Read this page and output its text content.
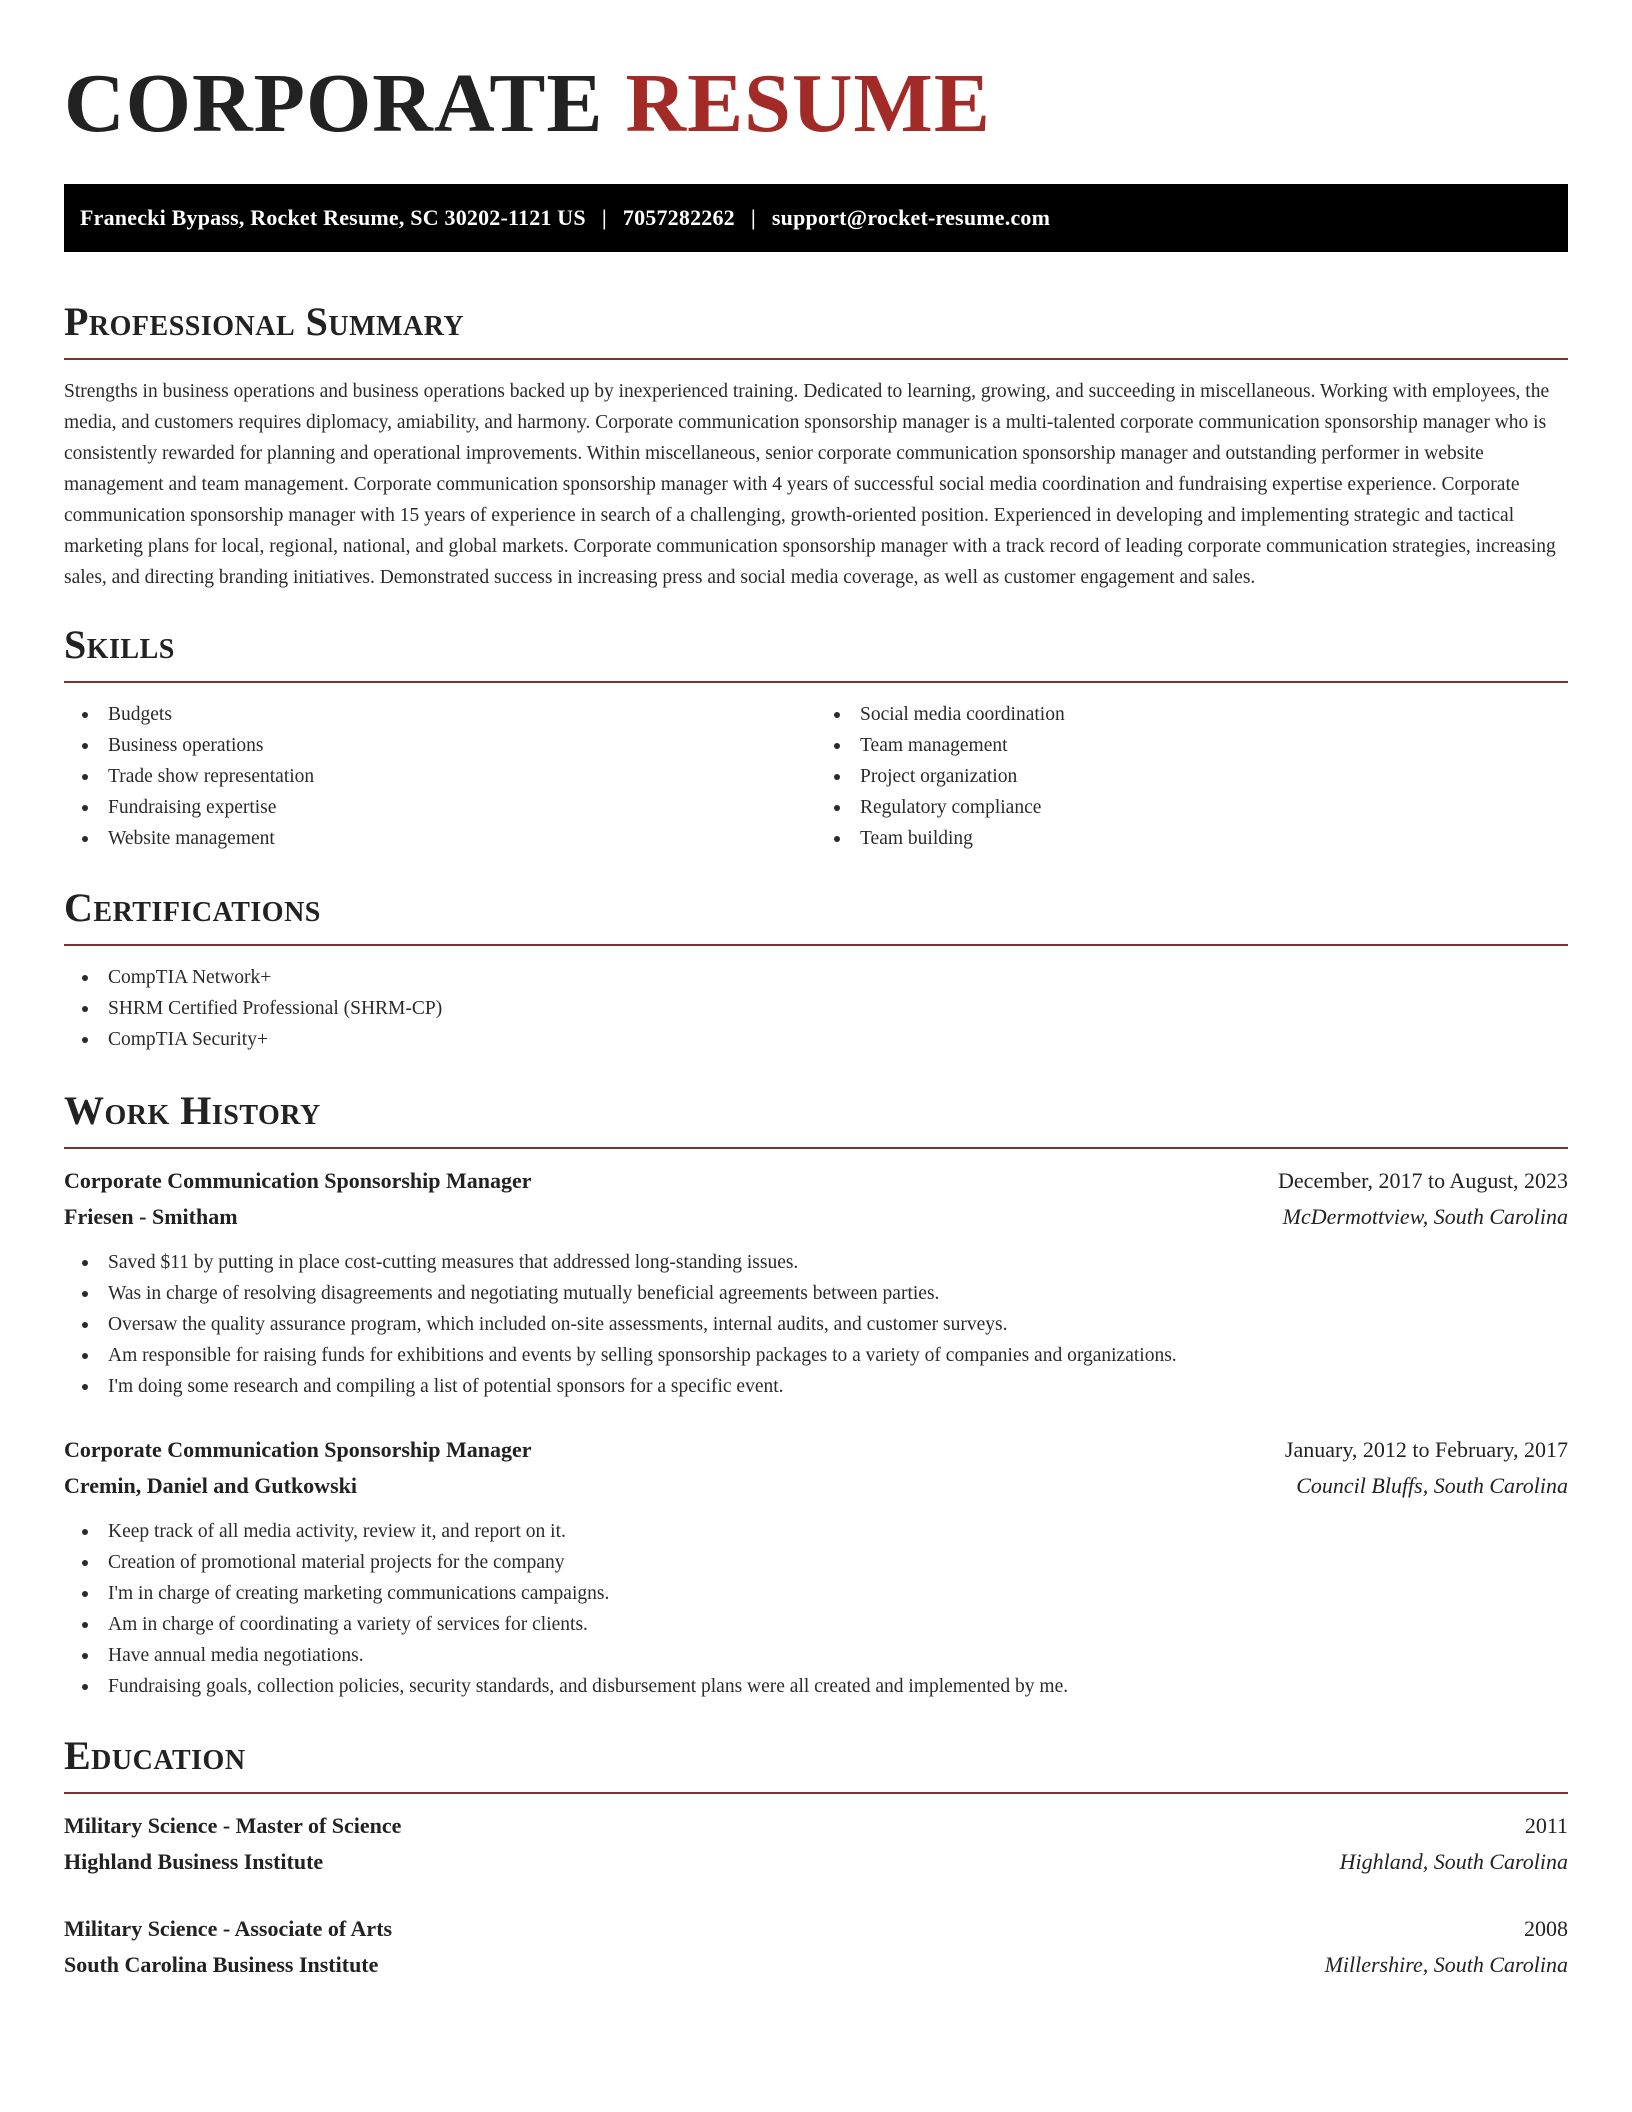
CORPORATE RESUME
Franecki Bypass, Rocket Resume, SC 30202-1121 US | 7057282262 | support@rocket-resume.com
Professional Summary

Strengths in business operations and business operations backed up by inexperienced training. Dedicated to learning, growing, and succeeding in miscellaneous. Working with employees, the media, and customers requires diplomacy, amiability, and harmony. Corporate communication sponsorship manager is a multi-talented corporate communication sponsorship manager who is consistently rewarded for planning and operational improvements. Within miscellaneous, senior corporate communication sponsorship manager and outstanding performer in website management and team management. Corporate communication sponsorship manager with 4 years of successful social media coordination and fundraising expertise experience. Corporate communication sponsorship manager with 15 years of experience in search of a challenging, growth-oriented position. Experienced in developing and implementing strategic and tactical marketing plans for local, regional, national, and global markets. Corporate communication sponsorship manager with a track record of leading corporate communication strategies, increasing sales, and directing branding initiatives. Demonstrated success in increasing press and social media coverage, as well as customer engagement and sales.

Skills
Budgets
Business operations
Trade show representation
Fundraising expertise
Website management
Social media coordination
Team management
Project organization
Regulatory compliance
Team building
Certifications
CompTIA Network+
SHRM Certified Professional (SHRM-CP)
CompTIA Security+
Work History
Corporate Communication Sponsorship Manager	December, 2017 to August, 2023
Friesen - Smitham	McDermottview, South Carolina
Saved $11 by putting in place cost-cutting measures that addressed long-standing issues.
Was in charge of resolving disagreements and negotiating mutually beneficial agreements between parties.
Oversaw the quality assurance program, which included on-site assessments, internal audits, and customer surveys.
Am responsible for raising funds for exhibitions and events by selling sponsorship packages to a variety of companies and organizations.
I'm doing some research and compiling a list of potential sponsors for a specific event.
Corporate Communication Sponsorship Manager	January, 2012 to February, 2017
Cremin, Daniel and Gutkowski	Council Bluffs, South Carolina
Keep track of all media activity, review it, and report on it.
Creation of promotional material projects for the company
I'm in charge of creating marketing communications campaigns.
Am in charge of coordinating a variety of services for clients.
Have annual media negotiations.
Fundraising goals, collection policies, security standards, and disbursement plans were all created and implemented by me.
Education
Military Science - Master of Science	2011
Highland Business Institute	Highland, South Carolina
Military Science - Associate of Arts	2008
South Carolina Business Institute	Millershire, South Carolina
